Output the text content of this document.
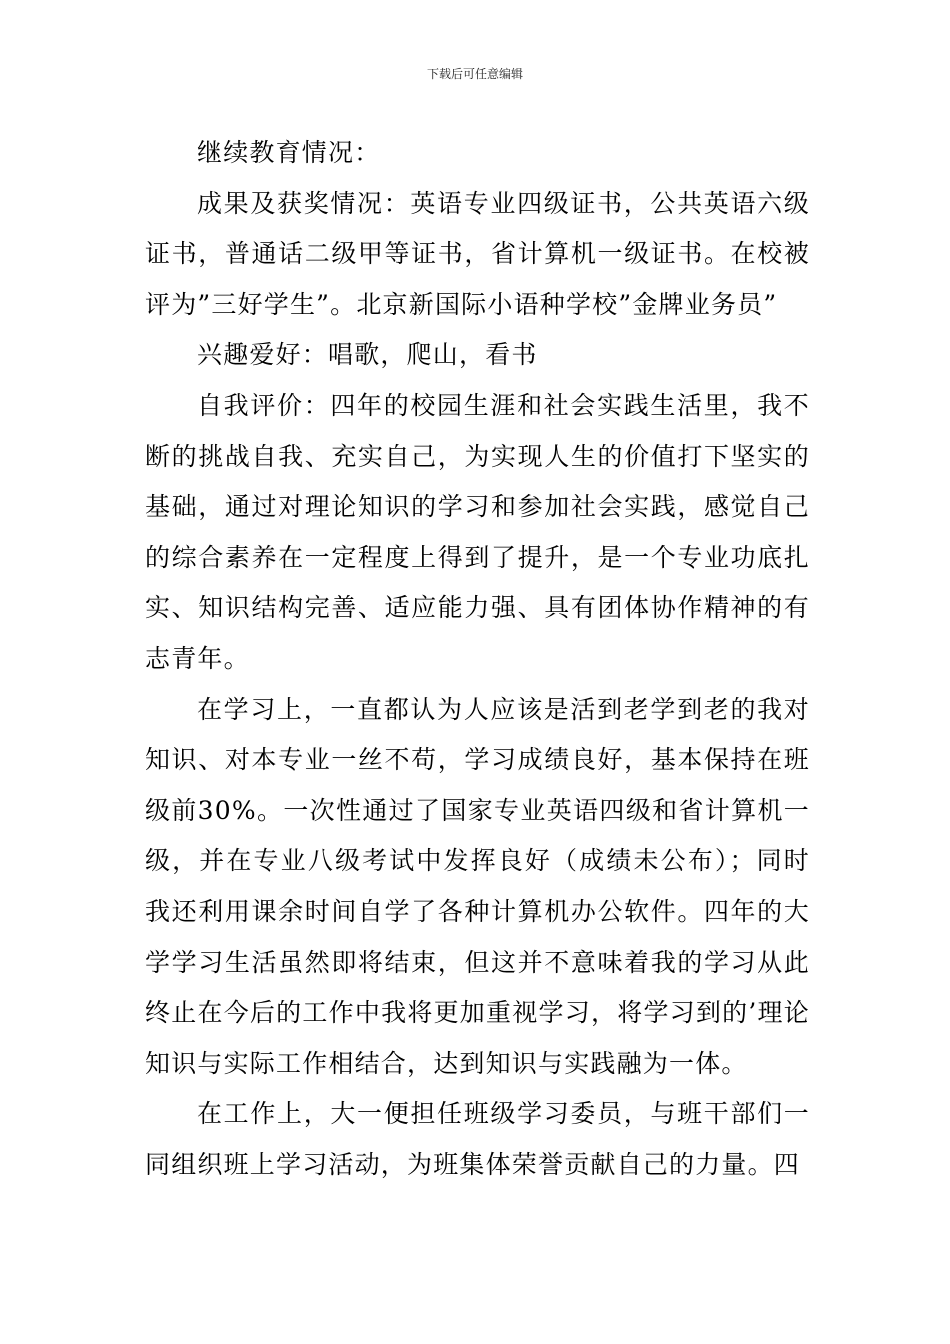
下载后可任意编辑

继续教育情况：

成果及获奖情况：英语专业四级证书，公共英语六级证书，普通话二级甲等证书，省计算机一级证书。在校被评为”三好学生”。北京新国际小语种学校”金牌业务员”

兴趣爱好：唱歌，爬山，看书

自我评价：四年的校园生涯和社会实践生活里，我不断的挑战自我、充实自己，为实现人生的价值打下坚实的基础，通过对理论知识的学习和参加社会实践，感觉自己的综合素养在一定程度上得到了提升，是一个专业功底扎实、知识结构完善、适应能力强、具有团体协作精神的有志青年。

在学习上，一直都认为人应该是活到老学到老的我对知识、对本专业一丝不苟，学习成绩良好，基本保持在班级前30%。一次性通过了国家专业英语四级和省计算机一级，并在专业八级考试中发挥良好（成绩未公布）；同时我还利用课余时间自学了各种计算机办公软件。四年的大学学习生活虽然即将结束，但这并不意味着我的学习从此终止在今后的工作中我将更加重视学习，将学习到的’理论知识与实际工作相结合，达到知识与实践融为一体。

在工作上，大一便担任班级学习委员，与班干部们一同组织班上学习活动，为班集体荣誉贡献自己的力量。四
